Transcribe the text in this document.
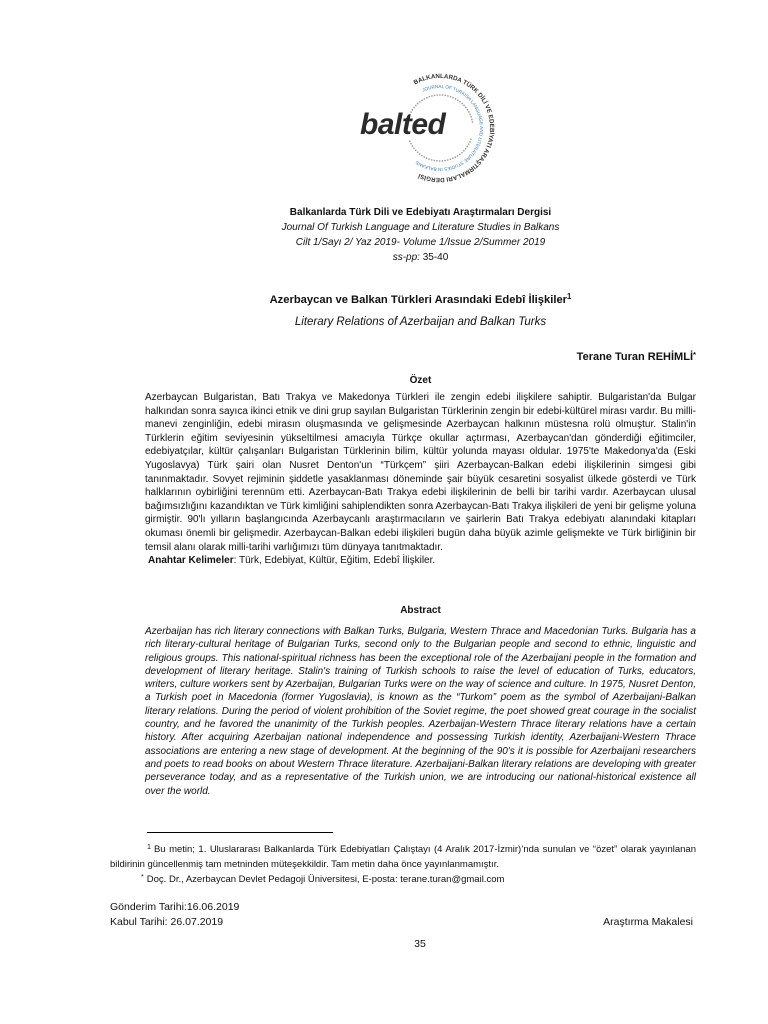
BALKANLARDA TÜRK DİLİ VE EDEBİYATI ARAŞTIRMALARI DERGİSİ
JOURNAL OF TURKISH LANGUAGE AND LITERATURE STUDIES IN BALKANS
balted
Balkanlarda Türk Dili ve Edebiyatı Araştırmaları Dergisi
Journal Of Turkish Language and Literature Studies in Balkans
Cilt 1/Sayı 2/ Yaz 2019- Volume 1/Issue 2/Summer 2019
ss-pp: 35-40
Azerbaycan ve Balkan Türkleri Arasındaki Edebî İlişkiler$^1$
Literary Relations of Azerbaijan and Balkan Turks
Terane Turan REHİMLİ*
Özet

Azerbaycan Bulgaristan, Batı Trakya ve Makedonya Türkleri ile zengin edebi ilişkilere sahiptir. Bulgaristan'da Bulgar halkından sonra sayıca ikinci etnik ve dini grup sayılan Bulgaristan Türklerinin zengin bir edebi-kültürel mirası vardır. Bu milli-manevi zenginliğin, edebi mirasın oluşmasında ve gelişmesinde Azerbaycan halkının müstesna rolü olmuştur. Stalin'in Türklerin eğitim seviyesinin yükseltilmesi amacıyla Türkçe okullar açtırması, Azerbaycan'dan gönderdiği eğitimciler, edebiyatçılar, kültür çalışanları Bulgaristan Türklerinin bilim, kültür yolunda mayası oldular. 1975'te Makedonya'da (Eski Yugoslavya) Türk şairi olan Nusret Denton'un “Türkçem” şiiri Azerbaycan-Balkan edebi ilişkilerinin simgesi gibi tanınmaktadır. Sovyet rejiminin şiddetle yasaklanması döneminde şair büyük cesaretini sosyalist ülkede gösterdi ve Türk halklarının oybirliğini terennüm etti. Azerbaycan-Batı Trakya edebi ilişkilerinin de belli bir tarihi vardır. Azerbaycan ulusal bağımsızlığını kazandıktan ve Türk kimliğini sahiplendikten sonra Azerbaycan-Batı Trakya ilişkileri de yeni bir gelişme yoluna girmiştir. 90'lı yılların başlangıcında Azerbaycanlı araştırmacıların ve şairlerin Batı Trakya edebiyatı alanındaki kitapları okuması önemli bir gelişmedir. Azerbaycan-Balkan edebi ilişkileri bugün daha büyük azimle gelişmekte ve Türk birliğinin bir temsil alanı olarak milli-tarihi varlığımızı tüm dünyaya tanıtmaktadır.

Anahtar Kelimeler: Türk, Edebiyat, Kültür, Eğitim, Edebî İlişkiler.

Abstract

Azerbaijan has rich literary connections with Balkan Turks, Bulgaria, Western Thrace and Macedonian Turks. Bulgaria has a rich literary-cultural heritage of Bulgarian Turks, second only to the Bulgarian people and second to ethnic, linguistic and religious groups. This national-spiritual richness has been the exceptional role of the Azerbaijani people in the formation and development of literary heritage. Stalin's training of Turkish schools to raise the level of education of Turks, educators, writers, culture workers sent by Azerbaijan, Bulgarian Turks were on the way of science and culture. In 1975, Nusret Denton, a Turkish poet in Macedonia (former Yugoslavia), is known as the “Turkom” poem as the symbol of Azerbaijani-Balkan literary relations. During the period of violent prohibition of the Soviet regime, the poet showed great courage in the socialist country, and he favored the unanimity of the Turkish peoples. Azerbaijan-Western Thrace literary relations have a certain history. After acquiring Azerbaijan national independence and possessing Turkish identity, Azerbaijani-Western Thrace associations are entering a new stage of development. At the beginning of the 90's it is possible for Azerbaijani researchers and poets to read books on about Western Thrace literature. Azerbaijani-Balkan literary relations are developing with greater perseverance today, and as a representative of the Turkish union, we are introducing our national-historical existence all over the world.

$^1$ Bu metin; 1. Uluslararası Balkanlarda Türk Edebiyatları Çalıştayı (4 Aralık 2017-İzmir)’nda sunulan ve “özet” olarak yayınlanan bildirinin güncellenmiş tam metninden müteşekkildir. Tam metin daha önce yayınlanmamıştır.

* Doç. Dr., Azerbaycan Devlet Pedagoji Üniversitesi, E-posta: terane.turan@gmail.com

Gönderim Tarihi:16.06.2019
Kabul Tarihi: 26.07.2019	Araştırma Makalesi
35
